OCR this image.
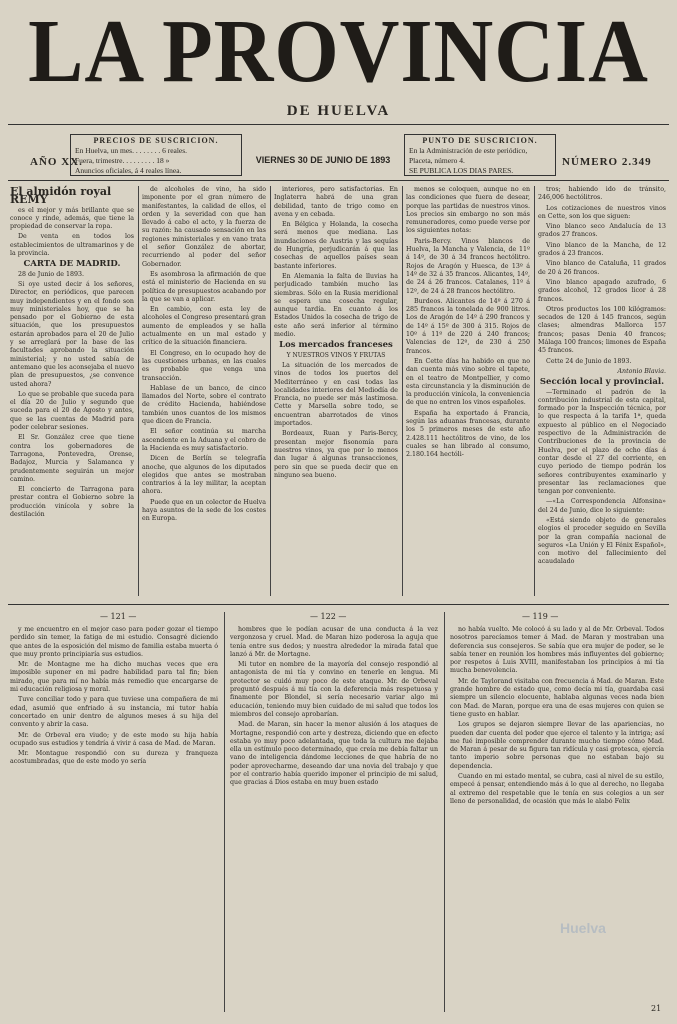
LA PROVINCIA
DE HUELVA
AÑO XX.
PRECIOS DE SUSCRICION.
En Huelva, un mes. . . . . . . . 6 reales.
Fuera, trimestre. . . . . . . . . 18 »
Anuncios oficiales, á 4 reales línea.
VIERNES 30 DE JUNIO DE 1893
PUNTO DE SUSCRICION.
En la Administración de este periódico,
Placeta, número 4.
SE PUBLICA LOS DIAS PARES.
NÚMERO 2.349
El almidón royal REMY

es el mejor y más brillante que se conoce y rinde, además, que tiene la propiedad de conservar la ropa.

De venta en todos los establecimientos de ultramarinos y de la provincia.

CARTA DE MADRID.

28 de Junio de 1893.

Si oye usted decir á los señores, Director, en periódicos, que parecen muy independientes y en el fondo son muy ministeriales hoy, que se ha pensado por el Gobierno de esta situación, que los presupuestos estarán aprobados para el 20 de Julio y se arreglará por la base de las facultades aprobando la situación ministerial; y no usted sabía de antemano que les aconsejaba el nuevo plan de presupuestos, ¿se convence usted ahora?

Lo que se probable que suceda para el día 20 de Julio y segundo que suceda para el 20 de Agosto y antes, que se las cuentas de Madrid para poder celebrar sesiones.

El Sr. González cree que tiene contra los gobernadores de Tarragona, Pontevedra, Orense, Badajoz, Murcia y Salamanca y prudentemente seguirán un mejor camino.

El concierto de Tarragona para prestar contra el Gobierno sobre la producción vinícola y sobre la destilación

de alcoholes de vino, ha sido imponente por el gran número de manifestantes, la calidad de ellos, el orden y la severidad con que han llevado á cabo el acto, y la fuerza de su razón: ha causado sensación en las regiones ministeriales y en vano trata el señor González de abortar, recurriendo al poder del señor Gobernador.

Es asombrosa la afirmación de que está el ministerio de Hacienda en su política de presupuestos acabando por la que se van a aplicar.

En cambio, con esta ley de alcoholes el Congreso presentará gran aumento de empleados y se halla actualmente en un mal estado y crítico de la situación financiera.

El Congreso, en lo ocupado hoy de las cuestiones urbanas, en las cuales es probable que venga una transacción.

Hablase de un banco, de cinco llamados del Norte, sobre el contrato de crédito Hacienda, habiéndose también unos cuantos de los mismos que dicen de Francia.

El señor continúa su marcha ascendente en la Aduana y el cobro de la Hacienda es muy satisfactorio.

Dicen de Berlín se telegrafía anoche, que algunos de los diputados elegidos que antes se mostraban contrarios á la ley militar, la aceptan ahora.

Puede que en un colector de Huelva haya asuntos de la sede de los costes en Europa.

interiores, pero satisfactorias. En Inglaterra habrá de una gran debilidad, tanto de trigo como en avena y en cebada.

En Bélgica y Holanda, la cosecha será menos que mediana. Las inundaciones de Austria y las sequías de Hungría, perjudicarán á que las cosechas de aquellos países sean bastante inferiores.

En Alemania la falta de lluvias ha perjudicado también mucho las siembras. Sólo en la Rusia meridional se espera una cosecha regular, aunque tardía. En cuanto á los Estados Unidos la cosecha de trigo de este año será inferior al término medio.

Los mercados franceses
Y NUESTROS VINOS Y FRUTAS

La situación de los mercados de vinos de todos los puertos del Mediterráneo y en casi todas las localidades interiores del Mediodía de Francia, no puede ser más lastimosa. Cette y Marsella sobre todo, se encuentran abarrotados de vinos importados.

Bordeaux, Ruan y Paris-Bercy, presentan mejor fisonomía para nuestros vinos, ya que por lo menos dan lugar á algunas transacciones, pero sin que se pueda decir que en ninguno sea bueno.

menos se coloquen, aunque no en las condiciones que fuera de desear, porque las partidas de nuestros vinos. Los precios sin embargo no son más remuneradores, como puede verse por los siguientes notas:

Paris-Bercy. Vinos blancos de Huelva, la Mancha y Valencia, de 11º á 14º, de 30 á 34 francos hectólitro. Rojos de Aragón y Huesca, de 13º á 14º de 32 á 35 francos. Alicantes, 14º, de 24 á 26 francos. Catalanes, 11º á 12º, de 24 á 28 francos hectólitro.

Burdeos. Alicantes de 14º á 270 á 285 francos la tonelada de 900 litros. Los de Aragón de 14º á 290 francos y de 14º á 15º de 300 á 315. Rojos de 10º á 11º de 220 á 240 francos; Valencias de 12º, de 230 á 250 francos.

En Cette días ha habido en que no dan cuenta más vino sobre el tapete, en el teatro de Montpellier, y como esta circunstancia y la disminución de la producción vinícola, la conveniencia de que no entren los vinos españoles.

España ha exportado á Francia, según las aduanas francesas, durante los 5 primeros meses de este año 2.428.111 hectólitros de vino, de los cuales se han librado al consumo, 2.180.164 hectóli-

tros; habiendo ido de tránsito, 246,006 hectólitros.

Los cotizaciones de nuestros vinos en Cette, son los que siguen:

Vino blanco seco Andalucía de 13 grados 27 francos.

Vino blanco de la Mancha, de 12 grados á 23 francos.

Vino blanco de Cataluña, 11 grados de 20 á 26 francos.

Vino blanco apagado azufrado, 6 grados alcohol, 12 grados licor á 28 francos.

Otros productos los 100 kilógramos: secados de 120 á 145 francos, según clases; almendras Mallorca 157 francos; pasas Denia 40 francos; Málaga 100 francos; limones de España 45 francos.

Cette 24 de Junio de 1893.

Antonio Blavia.
Sección local y provincial.

—Terminado el padrón de la contribución industrial de esta capital, formado por la Inspección técnica, por lo que respecta á la tarifa 1ª, queda expuesto al público en el Negociado respectivo de la Administración de Contribuciones de la provincia de Huelva, por el plazo de ocho días á contar desde el 27 del corriente, en cuyo periodo de tiempo podrán los señores contribuyentes examinarlo y presentar las reclamaciones que tengan por conveniente.

—«La Correspondencia Alfonsina» del 24 de Junio, dice lo siguiente:

«Está siendo objeto de generales elogios el proceder seguido en Sevilla por la gran compañía nacional de seguros «La Unión y El Fénix Español», con motivo del fallecimiento del acaudalado

— 121 —	— 122 —	— 119 —

y me encuentro en el mejor caso para poder gozar el tiempo perdido sin temer, la fatiga de mi estudio. Consagré diciendo que antes de la esposición del mismo de familia estaba muerta ó que muy pronto principiaría sus estudios.

Mr. de Montagne me ha dicho muchas veces que era imposible suponer en mi padre habilidad para tal fin; bien mirado, que para mí no había más remedio que encargarse de mi educación religiosa y moral.

Tuve conciliar todo y para que tuviese una compañera de mi edad, asumió que enfriado á su instancia, mi tutor había concertado en unir dentro de algunos meses á su hija del convento y abrir la casa.

Mr. de Orbeval era viudo; y de este modo su hija había ocupado sus estudios y tendría á vivir á casa de Mad. de Maran.

Mr. Montague respondió con su dureza y franqueza acostumbradas, que de este modo yo sería

hombres que le podían acusar de una conducta á la vez vergonzosa y cruel. Mad. de Maran hizo poderosa la aguja que tenía entre sus dedos; y nuestra alrededor la mirada fatal que lanzó á Mr. de Mortagne.

Mi tutor en nombre de la mayoría del consejo respondió al antagonista de mi tía y convino en tenerle en lengua. Mi protector se cuidó muy poco de este ataque. Mr. de Orbeval preguntó después á mi tía con la deferencia más respetuosa y finamente por Blondel, si sería necesario variar algo mi educación, teniendo muy bien cuidado de mi salud que todos los miembros del consejo aprobarían.

Mad. de Maran, sin hacer la menor alusión á los ataques de Mortagne, respondió con arte y destreza, diciendo que en efecto estaba yo muy poco adelantada, que toda la cultura me dejaba ella un estímulo poco determinado, que creía me debía faltar un vano de inteligencia dándome lecciones de que habría de no poder aprovecharme, deseando dar una novia del trabajo y que por el contrario había querido imponer el principio de mi salud, que gracias á Dios estaba en muy buen estado

no había vuelto. Me colocó á su lado y al de Mr. Orbeval. Todos nosotros parecíamos temer á Mad. de Maran y mostraban una deferencia sus consejeros. Se sabía que era mujer de poder, se le sabía tener en reunión los hombres más influyentes del gobierno; por respetos á Luis XVIII, manifestaban los principios á mi tía mucha benevolencia.

Mr. de Taylorand visitaba con frecuencia á Mad. de Maran. Este grande hombre de estado que, como decía mi tía, guardaba casi siempre un silencio elocuente, hablaba algunas veces nada bien con Mad. de Maran, porque era una de esas mujeres con quien se tiene gusto en hablar.

Los grupos se dejaron siempre llevar de las apariencias, no pueden dar cuenta del poder que ejerce el talento y la intriga; así me fué imposible comprender durante mucho tiempo cómo Mad. de Maran á pesar de su figura tan ridícula y casi grotesca, ejercía tanto imperio sobre personas que no estaban bajo su dependencia.

Cuando en mi estado mental, se cubra, casi al nivel de su estilo, empecé á pensar, entendiendo más á lo que al derecho, no llegaba al extremo del respetable que le tenía en sus colegios a un ser lleno de personalidad, de ocasión que más le alabó Felix

Huelva
21
